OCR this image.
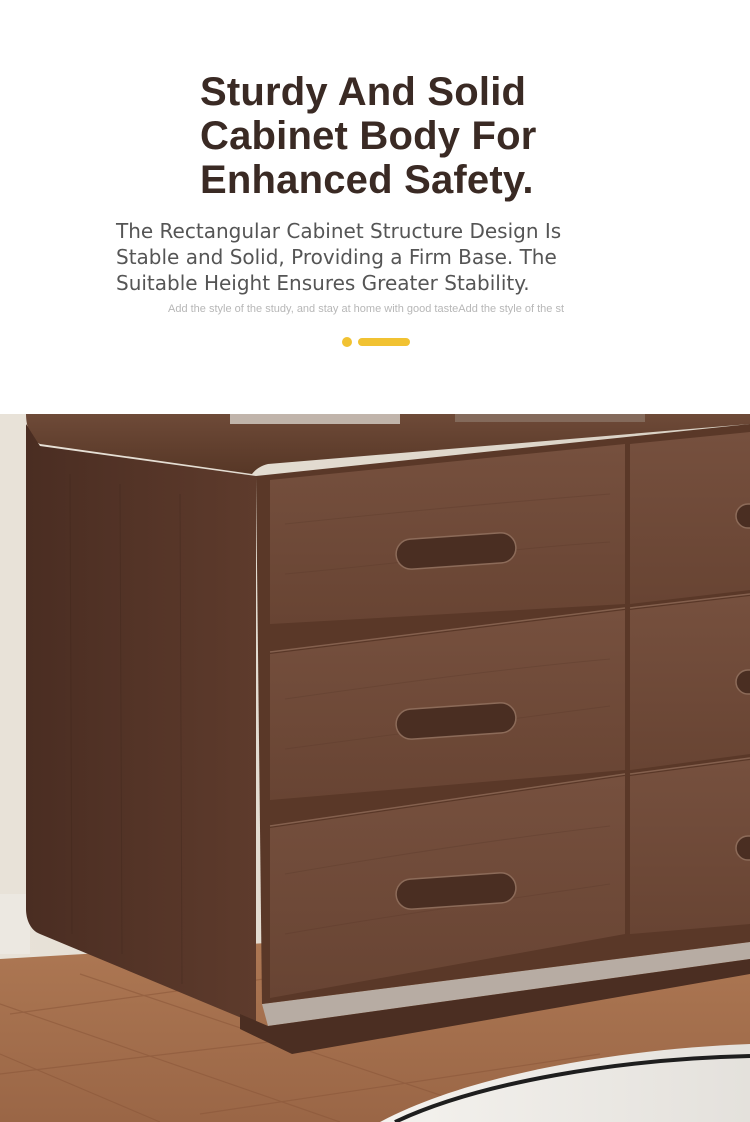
Sturdy And Solid
Cabinet Body For
Enhanced Safety.
The Rectangular Cabinet Structure Design Is
Stable and Solid, Providing a Firm Base. The
Suitable Height Ensures Greater Stability.
Add the style of the study, and stay at home with good tasteAdd the style of the st
